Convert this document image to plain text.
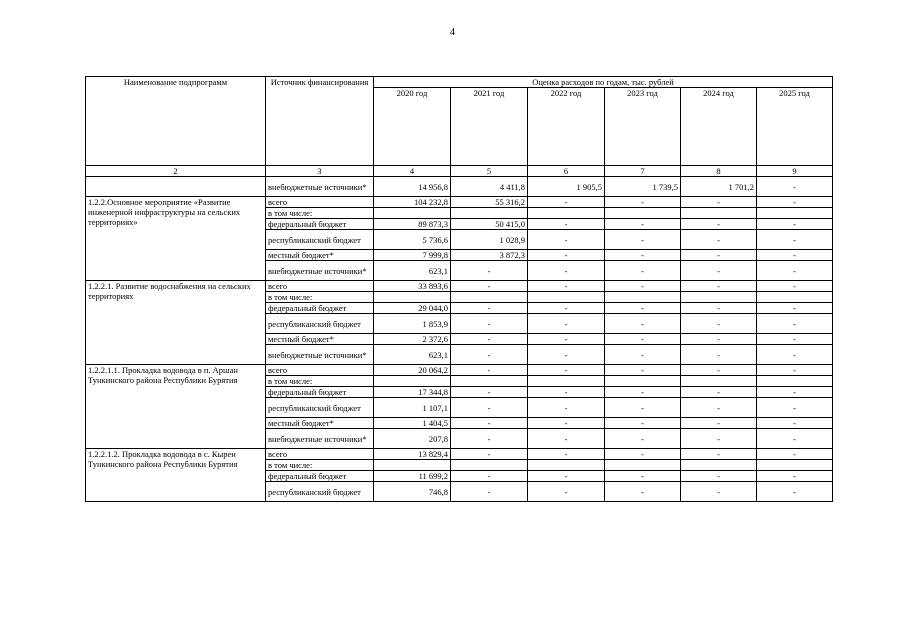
4
Наименование подпрограмм	Источник финансирования	Оценка расходов по годам, тыс. рублей					
		2020 год	2021 год	2022 год	2023 год	2024 год	2025 год
2	3	4	5	6	7	8	9
	внебюджетные источники*	14 956,8	4 411,8	1 905,5	1 739,5	1 701,2	-
1.2.2.Основное мероприятие «Развитие инженерной инфраструктуры на сельских территориях»	всего	104 232,8	55 316,2	-	-	-	-
	в том числе:						
	федеральный бюджет	89 873,3	50 415,0	-	-	-	-
	республиканский бюджет	5 736,6	1 028,9	-	-	-	-
	местный бюджет*	7 999,8	3 872,3	-	-	-	-
	внебюджетные источники*	623,1	-	-	-	-	-
1.2.2.1. Развитие водоснабжения на сельских территориях	всего	33 893,6	-	-	-	-	-
	в том числе:						
	федеральный бюджет	29 044,0	-	-	-	-	-
	республиканский бюджет	1 853,9	-	-	-	-	-
	местный бюджет*	2 372,6	-	-	-	-	-
	внебюджетные источники*	623,1	-	-	-	-	-
1.2.2.1.1. Прокладка водовода в п. Аршан Тункинского района Республики Бурятия	всего	20 064,2	-	-	-	-	-
	в том числе:						
	федеральный бюджет	17 344,8	-	-	-	-	-
	республиканский бюджет	1 107,1	-	-	-	-	-
	местный бюджет*	1 404,5	-	-	-	-	-
	внебюджетные источники*	207,8	-	-	-	-	-
1.2.2.1.2. Прокладка водовода в с. Кырен Тункинского района Республики Бурятия	всего	13 829,4	-	-	-	-	-
	в том числе:						
	федеральный бюджет	11 699,2	-	-	-	-	-
	республиканский бюджет	746,8	-	-	-	-	-
